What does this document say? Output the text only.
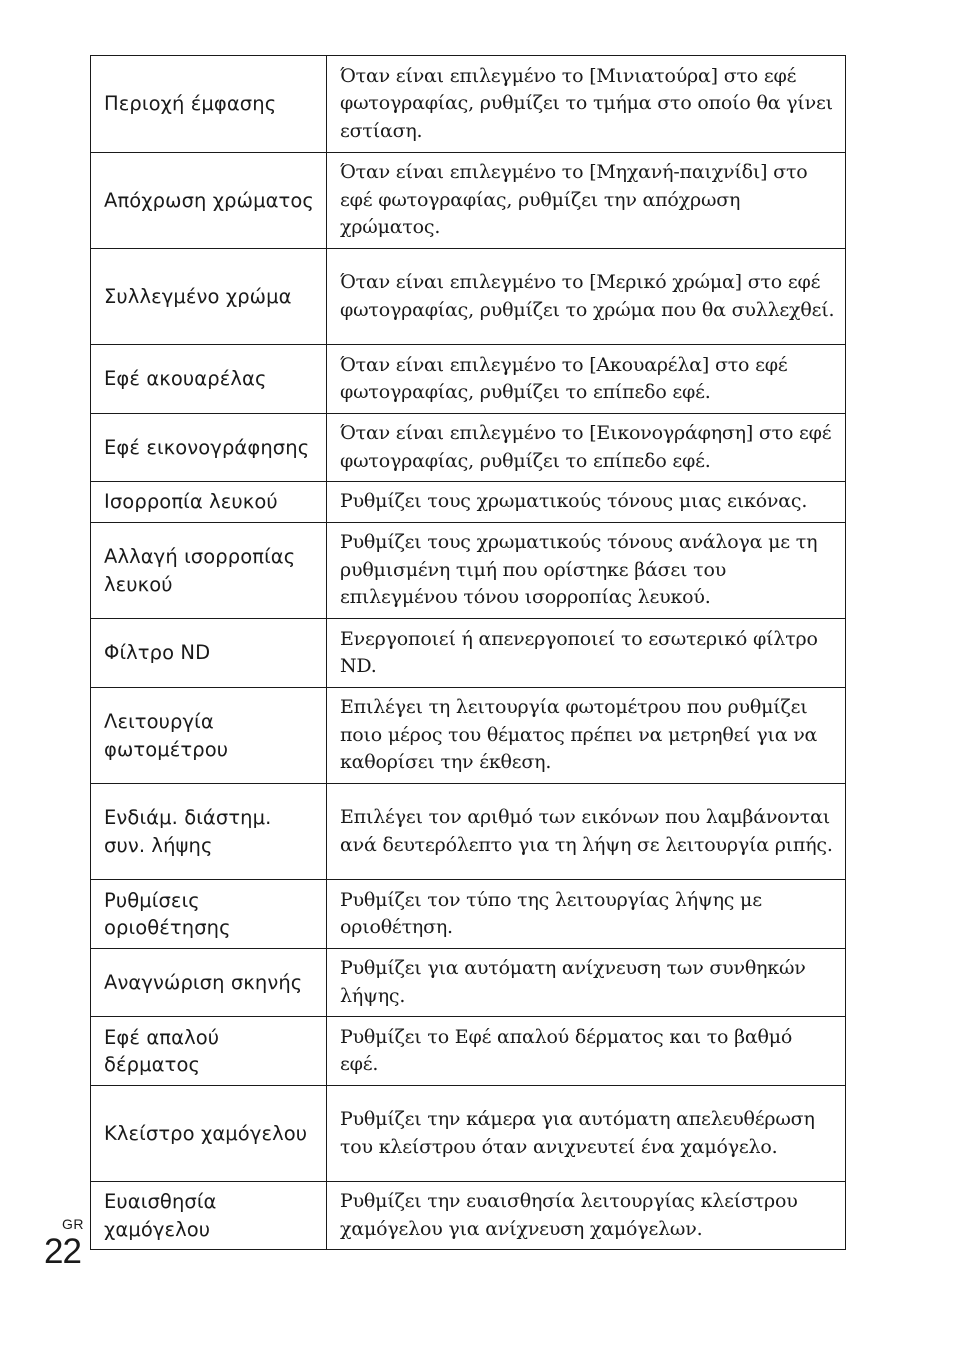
Περιοχή έμφασης	Όταν είναι επιλεγμένο το [Μινιατούρα] στο εφέ φωτογραφίας, ρυθμίζει το τμήμα στο οποίο θα γίνει εστίαση.
Απόχρωση χρώματος	Όταν είναι επιλεγμένο το [Μηχανή-παιχνίδι] στο εφέ φωτογραφίας, ρυθμίζει την απόχρωση χρώματος.
Συλλεγμένο χρώμα	Όταν είναι επιλεγμένο το [Μερικό χρώμα] στο εφέ φωτογραφίας, ρυθμίζει το χρώμα που θα συλλεχθεί.
Εφέ ακουαρέλας	Όταν είναι επιλεγμένο το [Ακουαρέλα] στο εφέ φωτογραφίας, ρυθμίζει το επίπεδο εφέ.
Εφέ εικονογράφησης	Όταν είναι επιλεγμένο το [Εικονογράφηση] στο εφέ φωτογραφίας, ρυθμίζει το επίπεδο εφέ.
Ισορροπία λευκού	Ρυθμίζει τους χρωματικούς τόνους μιας εικόνας.
Αλλαγή ισορροπίας λευκού	Ρυθμίζει τους χρωματικούς τόνους ανάλογα με τη ρυθμισμένη τιμή που ορίστηκε βάσει του επιλεγμένου τόνου ισορροπίας λευκού.
Φίλτρο ND	Ενεργοποιεί ή απενεργοποιεί το εσωτερικό φίλτρο ND.
Λειτουργία φωτομέτρου	Επιλέγει τη λειτουργία φωτομέτρου που ρυθμίζει ποιο μέρος του θέματος πρέπει να μετρηθεί για να καθορίσει την έκθεση.
Ενδιάμ. διάστημ. συν. λήψης	Επιλέγει τον αριθμό των εικόνων που λαμβάνονται ανά δευτερόλεπτο για τη λήψη σε λειτουργία ριπής.
Ρυθμίσεις οριοθέτησης	Ρυθμίζει τον τύπο της λειτουργίας λήψης με οριοθέτηση.
Αναγνώριση σκηνής	Ρυθμίζει για αυτόματη ανίχνευση των συνθηκών λήψης.
Εφέ απαλού δέρματος	Ρυθμίζει το Εφέ απαλού δέρματος και το βαθμό εφέ.
Κλείστρο χαμόγελου	Ρυθμίζει την κάμερα για αυτόματη απελευθέρωση του κλείστρου όταν ανιχνευτεί ένα χαμόγελο.
Ευαισθησία χαμόγελου	Ρυθμίζει την ευαισθησία λειτουργίας κλείστρου χαμόγελου για ανίχνευση χαμόγελων.
GR
22
